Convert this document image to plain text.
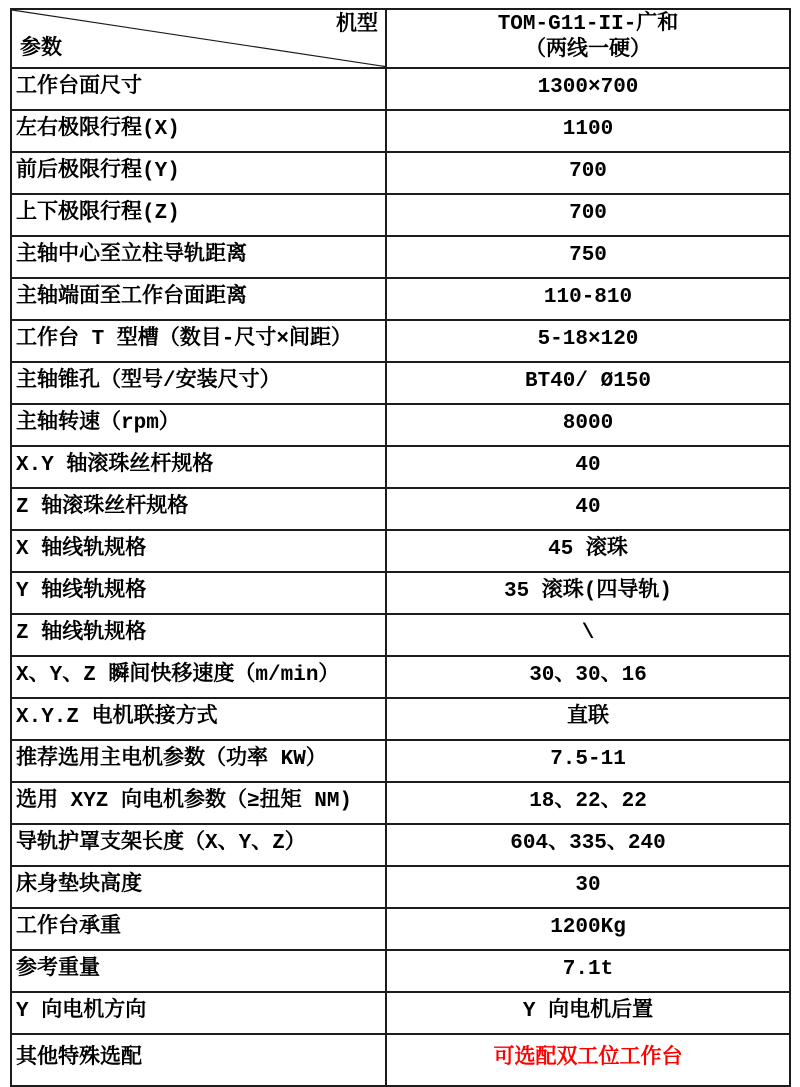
机型
参数	TOM-G11-II-广和
（两线一硬）

工作台面尺寸	1300×700
左右极限行程(X)	1100
前后极限行程(Y)	700
上下极限行程(Z)	700
主轴中心至立柱导轨距离	750
主轴端面至工作台面距离	110-810
工作台 T 型槽（数目-尺寸×间距）	5-18×120
主轴锥孔（型号/安装尺寸）	BT40/ Ø150
主轴转速（rpm）	8000
X.Y 轴滚珠丝杆规格	40
Z 轴滚珠丝杆规格	40
X 轴线轨规格	45 滚珠
Y 轴线轨规格	35 滚珠(四导轨)
Z 轴线轨规格	\
X、Y、Z 瞬间快移速度（m/min）	30、30、16
X.Y.Z 电机联接方式	直联
推荐选用主电机参数（功率 KW）	7.5-11
选用 XYZ 向电机参数（≥扭矩 NM)	18、22、22
导轨护罩支架长度（X、Y、Z）	604、335、240
床身垫块高度	30
工作台承重	1200Kg
参考重量	7.1t
Y 向电机方向	Y 向电机后置
其他特殊选配	可选配双工位工作台
